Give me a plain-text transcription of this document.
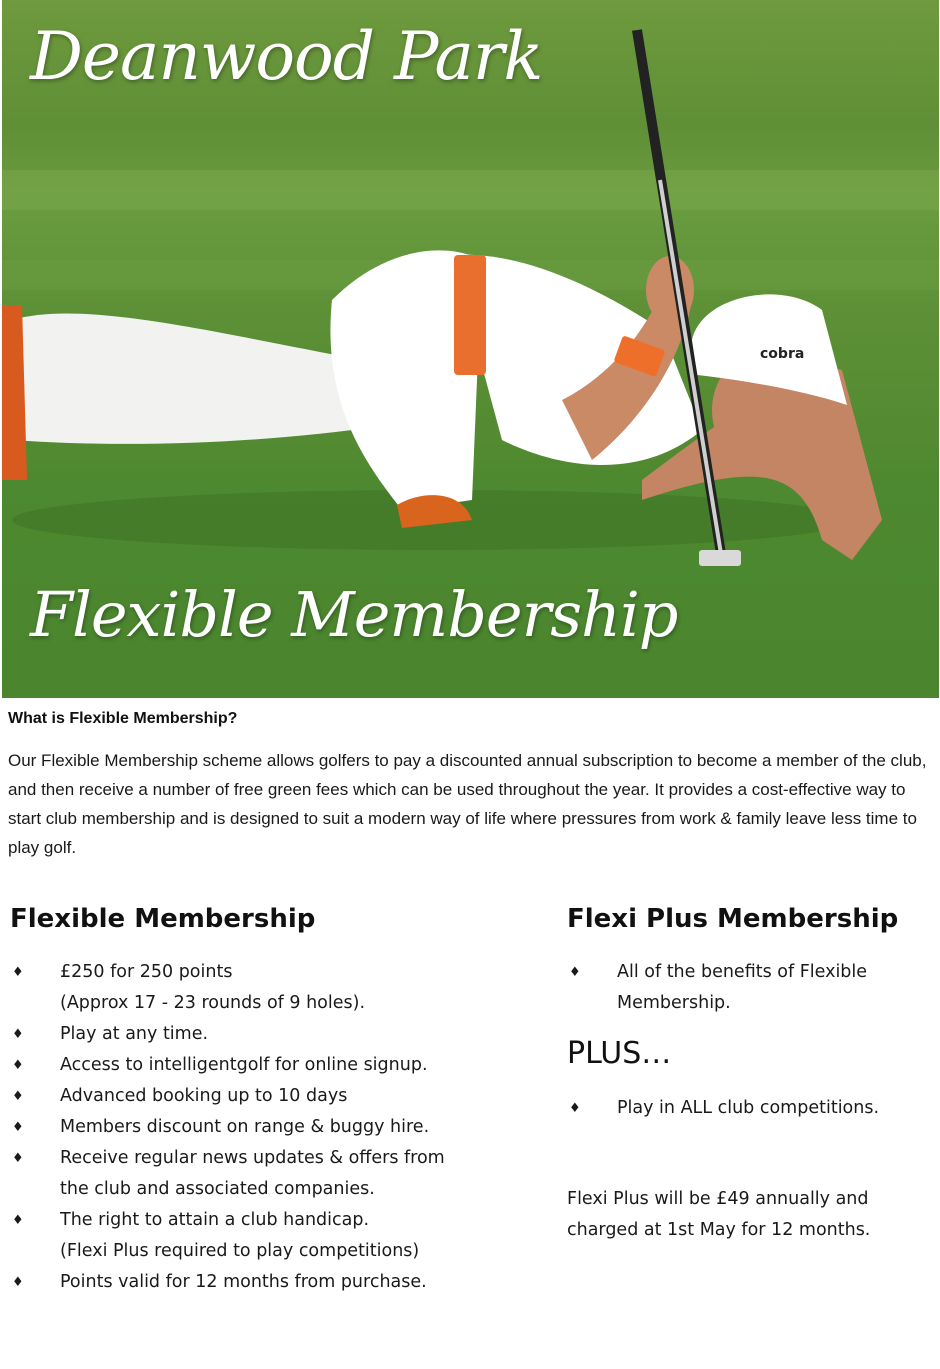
cobra
Deanwood Park
Flexible Membership
What is Flexible Membership?

Our Flexible Membership scheme allows golfers to pay a discounted annual subscription to become a member of the club, and then receive a number of free green fees which can be used throughout the year. It provides a cost-effective way to start club membership and is designed to suit a modern way of life where pressures from work & family leave less time to play golf.

Flexible Membership
♦ £250 for 250 points
(Approx 17 - 23 rounds of 9 holes).
♦ Play at any time.
♦ Access to intelligentgolf for online signup.
♦ Advanced booking up to 10 days
♦ Members discount on range & buggy hire.
♦ Receive regular news updates & offers from
the club and associated companies.
♦ The right to attain a club handicap.
(Flexi Plus required to play competitions)
♦ Points valid for 12 months from purchase.
Flexi Plus Membership
♦ All of the benefits of Flexible
Membership.

PLUS…

♦ Play in ALL club competitions.

Flexi Plus will be £49 annually and charged at 1st May for 12 months.
